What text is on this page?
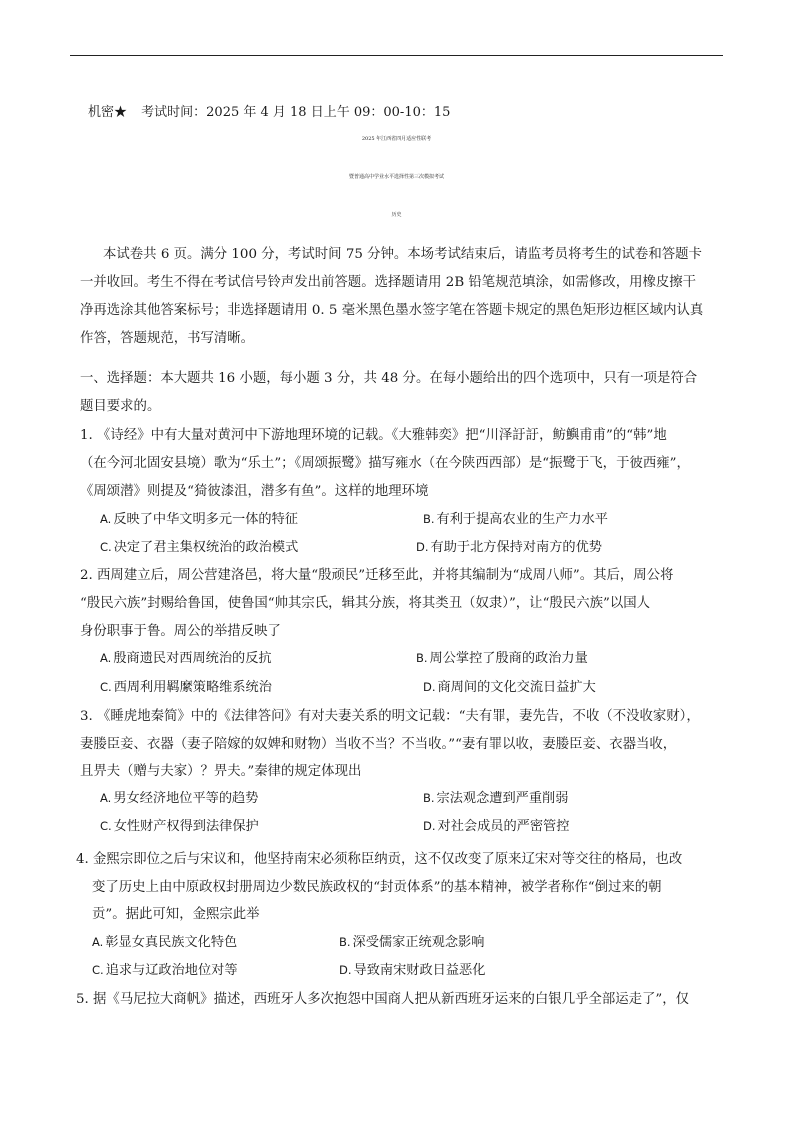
机密★ 考试时间：2025 年 4 月 18 日上午 09：00-10：15
2025 年江西省四月适应性联考
暨普通高中学业水平选择性第三次模拟考试
历史
本试卷共 6 页。满分 100 分，考试时间 75 分钟。本场考试结束后，请监考员将考生的试卷和答题卡
一并收回。考生不得在考试信号铃声发出前答题。选择题请用 2B 铅笔规范填涂，如需修改，用橡皮擦干
净再选涂其他答案标号；非选择题请用 0. 5 毫米黑色墨水签字笔在答题卡规定的黑色矩形边框区域内认真
作答，答题规范，书写清晰。
一、选择题：本大题共 16 小题，每小题 3 分，共 48 分。在每小题给出的四个选项中，只有一项是符合
题目要求的。
1. 《诗经》中有大量对黄河中下游地理环境的记载。《大雅韩奕》把“川泽訏訏，鲂鱮甫甫”的“韩”地
（在今河北固安县境）歌为“乐土”；《周颂振鹭》描写雍水（在今陕西西部）是“振鹭于飞，于彼西雍”，
《周颂潜》则提及“猗彼漆沮，潜多有鱼”。这样的地理环境
A. 反映了中华文明多元一体的特征	B. 有利于提高农业的生产力水平
C. 决定了君主集权统治的政治模式	D. 有助于北方保持对南方的优势
2. 西周建立后，周公营建洛邑，将大量“殷顽民”迁移至此，并将其编制为“成周八师”。其后，周公将
“殷民六族”封赐给鲁国，使鲁国“帅其宗氏，辑其分族，将其类丑（奴隶）”，让“殷民六族”以国人
身份职事于鲁。周公的举措反映了
A. 殷商遗民对西周统治的反抗	B. 周公掌控了殷商的政治力量
C. 西周利用羁縻策略维系统治	D. 商周间的文化交流日益扩大
3. 《睡虎地秦简》中的《法律答问》有对夫妻关系的明文记载：“夫有罪，妻先告，不收（不没收家财），
妻媵臣妾、衣器（妻子陪嫁的奴婢和财物）当收不当？不当收。”“妻有罪以收，妻媵臣妾、衣器当收，
且畀夫（赠与夫家）？畀夫。”秦律的规定体现出
A. 男女经济地位平等的趋势	B. 宗法观念遭到严重削弱
C. 女性财产权得到法律保护	D. 对社会成员的严密管控
4. 金熙宗即位之后与宋议和，他坚持南宋必须称臣纳贡，这不仅改变了原来辽宋对等交往的格局，也改
变了历史上由中原政权封册周边少数民族政权的“封贡体系”的基本精神，被学者称作“倒过来的朝
贡”。据此可知，金熙宗此举
A. 彰显女真民族文化特色	B. 深受儒家正统观念影响
C. 追求与辽政治地位对等	D. 导致南宋财政日益恶化
5. 据《马尼拉大商帆》描述，西班牙人多次抱怨中国商人把从新西班牙运来的白银几乎全部运走了”，仅
